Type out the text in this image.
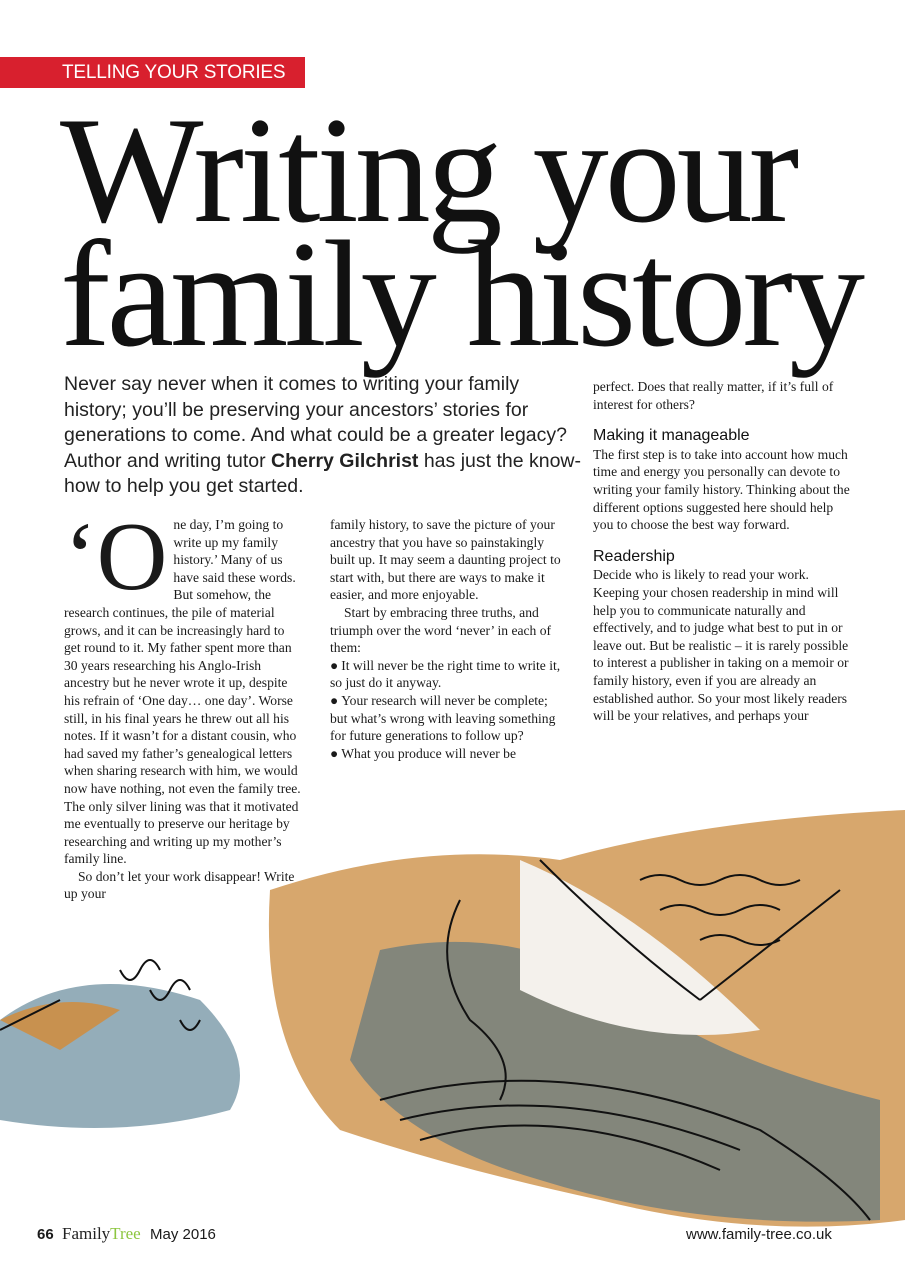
TELLING YOUR STORIES
Writing your
family history
Never say never when it comes to writing your family history; you’ll be preserving your ancestors’ stories for generations to come. And what could be a greater legacy? Author and writing tutor Cherry Gilchrist has just the know-how to help you get started.

‘One day, I’m going to write up my family history.’ Many of us have said these words. But somehow, the research continues, the pile of material grows, and it can be increasingly hard to get round to it. My father spent more than 30 years researching his Anglo-Irish ancestry but he never wrote it up, despite his refrain of ‘One day… one day’. Worse still, in his final years he threw out all his notes. If it wasn’t for a distant cousin, who had saved my father’s genealogical letters when sharing research with him, we would now have nothing, not even the family tree. The only silver lining was that it motivated me eventually to preserve our heritage by researching and writing up my mother’s family line.

So don’t let your work disappear! Write up your

family history, to save the picture of your ancestry that you have so painstakingly built up. It may seem a daunting project to start with, but there are ways to make it easier, and more enjoyable.

Start by embracing three truths, and triumph over the word ‘never’ in each of them:

● It will never be the right time to write it, so just do it anyway.

● Your research will never be complete; but what’s wrong with leaving something for future generations to follow up?

● What you produce will never be

perfect. Does that really matter, if it’s full of interest for others?

Making it manageable

The first step is to take into account how much time and energy you personally can devote to writing your family history. Thinking about the different options suggested here should help you to choose the best way forward.

Readership

Decide who is likely to read your work. Keeping your chosen readership in mind will help you to communicate naturally and effectively, and to judge what best to put in or leave out. But be realistic – it is rarely possible to interest a publisher in taking on a memoir or family history, even if you are already an established author. So your most likely readers will be your relatives, and perhaps your

66 FamilyTree May 2016	www.family-tree.co.uk
